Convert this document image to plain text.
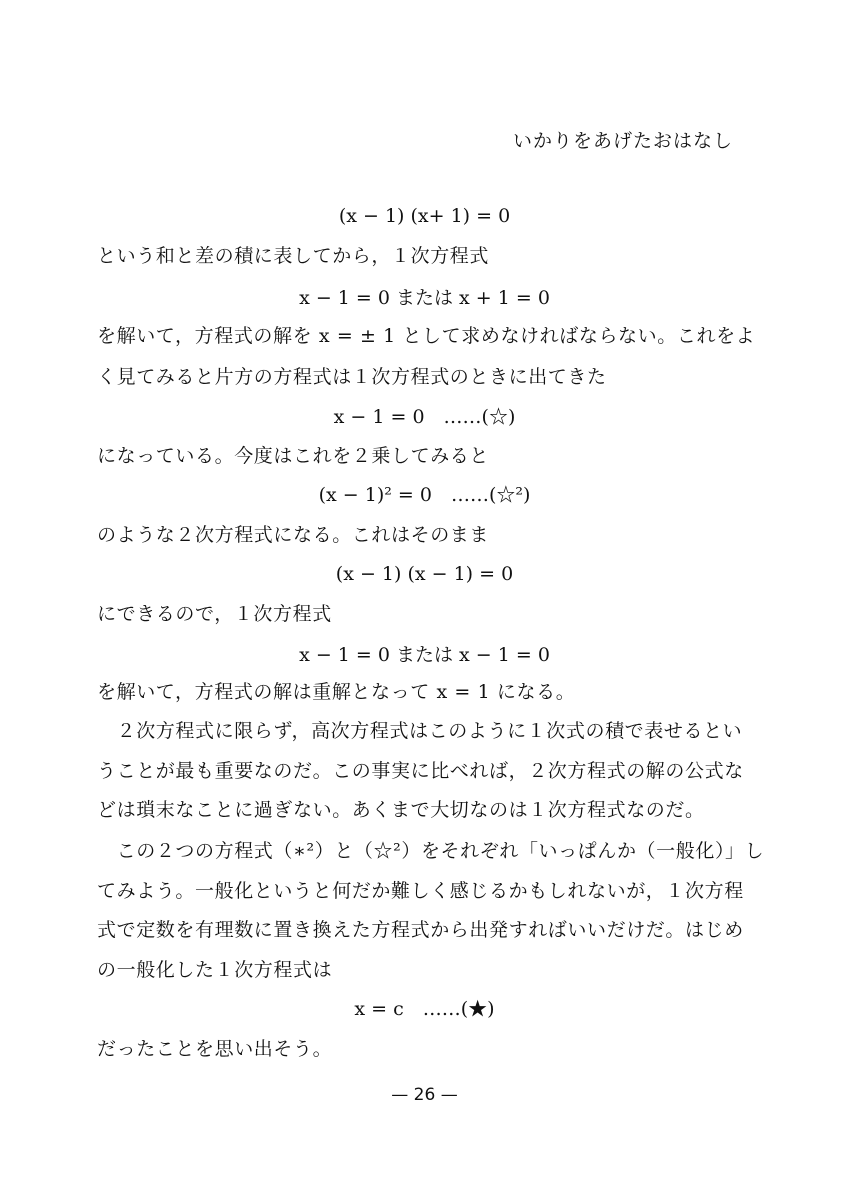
いかりをあげたおはなし
(x − 1) (x+ 1) = 0
という和と差の積に表してから，１次方程式
x − 1 = 0 または x + 1 = 0
を解いて，方程式の解を x = ± 1 として求めなければならない。これをよ
く見てみると片方の方程式は１次方程式のときに出てきた
x − 1 = 0　……(☆)
になっている。今度はこれを２乗してみると
(x − 1)² = 0　……(☆²)
のような２次方程式になる。これはそのまま
(x − 1) (x − 1) = 0
にできるので，１次方程式
x − 1 = 0 または x − 1 = 0
を解いて，方程式の解は重解となって x = 1 になる。
　２次方程式に限らず，高次方程式はこのように１次式の積で表せるとい
うことが最も重要なのだ。この事実に比べれば，２次方程式の解の公式な
どは瑣末なことに過ぎない。あくまで大切なのは１次方程式なのだ。
　この２つの方程式（∗²）と（☆²）をそれぞれ「いっぱんか（一般化）」し
てみよう。一般化というと何だか難しく感じるかもしれないが，１次方程
式で定数を有理数に置き換えた方程式から出発すればいいだけだ。はじめ
の一般化した１次方程式は
x = c　……(★)
だったことを思い出そう。
— 26 —
